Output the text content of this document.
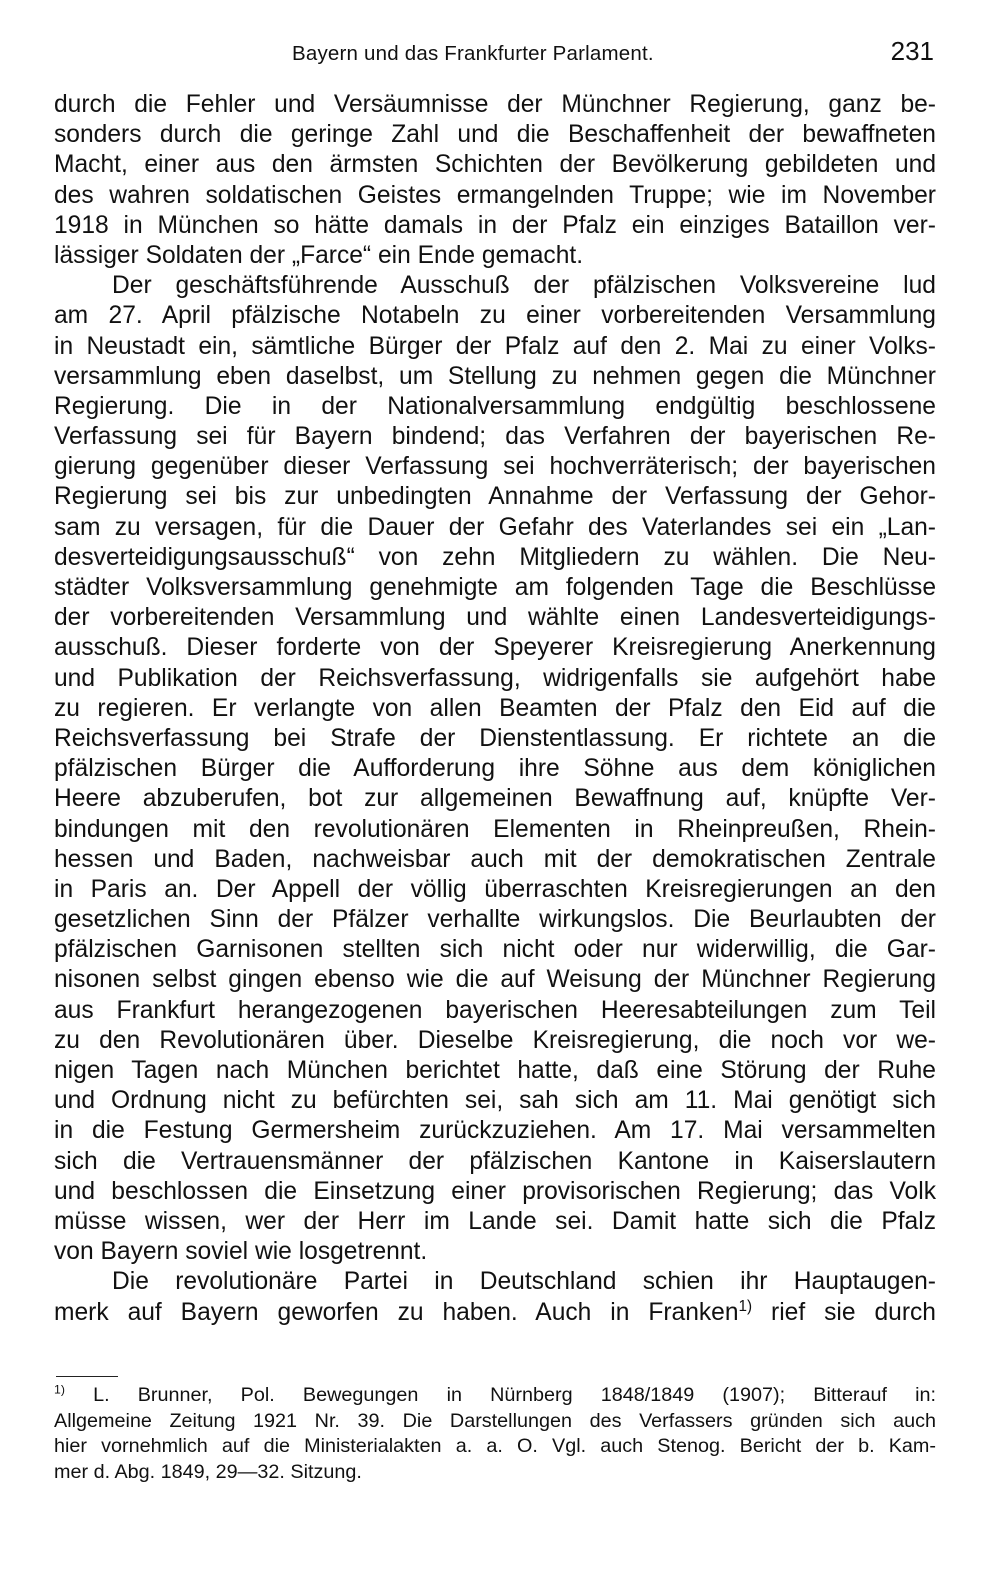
Bayern und das Frankfurter Parlament.	231
durch die Fehler und Versäumnisse der Münchner Regierung, ganz be-
sonders durch die geringe Zahl und die Beschaffenheit der bewaffneten
Macht, einer aus den ärmsten Schichten der Bevölkerung gebildeten und
des wahren soldatischen Geistes ermangelnden Truppe; wie im November
1918 in München so hätte damals in der Pfalz ein einziges Bataillon ver-
lässiger Soldaten der „Farce“ ein Ende gemacht.
Der geschäftsführende Ausschuß der pfälzischen Volksvereine lud
am 27. April pfälzische Notabeln zu einer vorbereitenden Versammlung
in Neustadt ein, sämtliche Bürger der Pfalz auf den 2. Mai zu einer Volks-
versammlung eben daselbst, um Stellung zu nehmen gegen die Münchner
Regierung. Die in der Nationalversammlung endgültig beschlossene
Verfassung sei für Bayern bindend; das Verfahren der bayerischen Re-
gierung gegenüber dieser Verfassung sei hochverräterisch; der bayerischen
Regierung sei bis zur unbedingten Annahme der Verfassung der Gehor-
sam zu versagen, für die Dauer der Gefahr des Vaterlandes sei ein „Lan-
desverteidigungsausschuß“ von zehn Mitgliedern zu wählen. Die Neu-
städter Volksversammlung genehmigte am folgenden Tage die Beschlüsse
der vorbereitenden Versammlung und wählte einen Landesverteidigungs-
ausschuß. Dieser forderte von der Speyerer Kreisregierung Anerkennung
und Publikation der Reichsverfassung, widrigenfalls sie aufgehört habe
zu regieren. Er verlangte von allen Beamten der Pfalz den Eid auf die
Reichsverfassung bei Strafe der Dienstentlassung. Er richtete an die
pfälzischen Bürger die Aufforderung ihre Söhne aus dem königlichen
Heere abzuberufen, bot zur allgemeinen Bewaffnung auf, knüpfte Ver-
bindungen mit den revolutionären Elementen in Rheinpreußen, Rhein-
hessen und Baden, nachweisbar auch mit der demokratischen Zentrale
in Paris an. Der Appell der völlig überraschten Kreisregierungen an den
gesetzlichen Sinn der Pfälzer verhallte wirkungslos. Die Beurlaubten der
pfälzischen Garnisonen stellten sich nicht oder nur widerwillig, die Gar-
nisonen selbst gingen ebenso wie die auf Weisung der Münchner Regierung
aus Frankfurt herangezogenen bayerischen Heeresabteilungen zum Teil
zu den Revolutionären über. Dieselbe Kreisregierung, die noch vor we-
nigen Tagen nach München berichtet hatte, daß eine Störung der Ruhe
und Ordnung nicht zu befürchten sei, sah sich am 11. Mai genötigt sich
in die Festung Germersheim zurückzuziehen. Am 17. Mai versammelten
sich die Vertrauensmänner der pfälzischen Kantone in Kaiserslautern
und beschlossen die Einsetzung einer provisorischen Regierung; das Volk
müsse wissen, wer der Herr im Lande sei. Damit hatte sich die Pfalz
von Bayern soviel wie losgetrennt.
Die revolutionäre Partei in Deutschland schien ihr Hauptaugen-
merk auf Bayern geworfen zu haben. Auch in Franken$^{1)}$ rief sie durch
$^{1)}$ L. Brunner, Pol. Bewegungen in Nürnberg 1848/1849 (1907); Bitterauf in:
Allgemeine Zeitung 1921 Nr. 39. Die Darstellungen des Verfassers gründen sich auch
hier vornehmlich auf die Ministerialakten a. a. O. Vgl. auch Stenog. Bericht der b. Kam-
mer d. Abg. 1849, 29—32. Sitzung.
